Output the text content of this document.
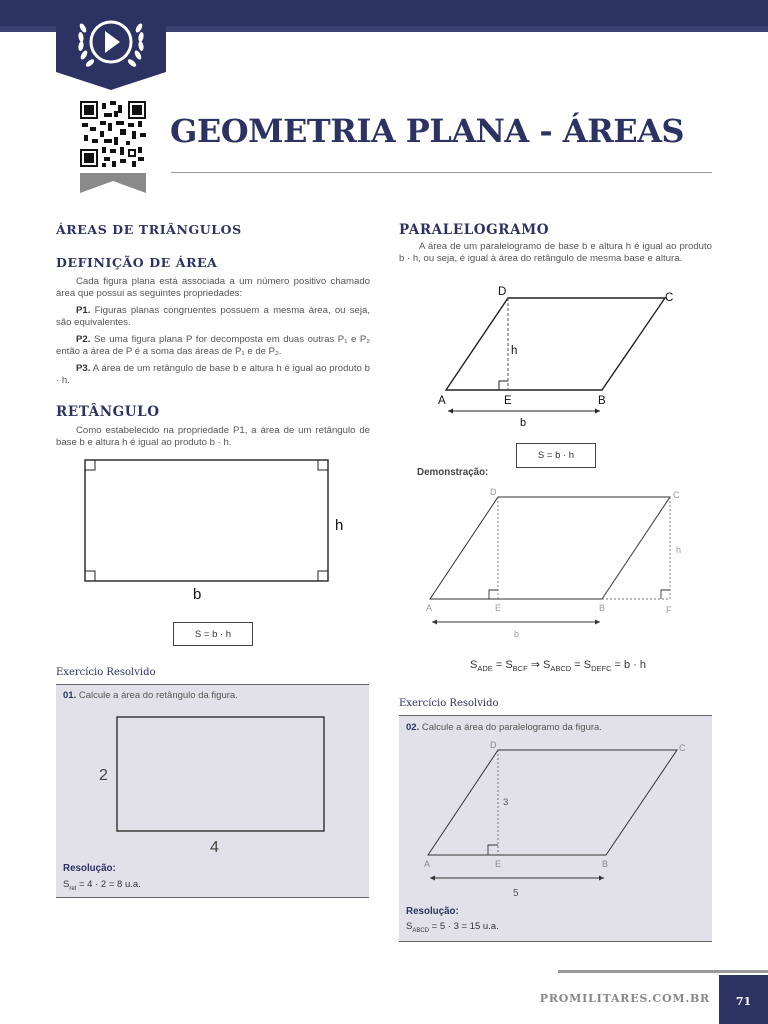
GEOMETRIA PLANA - ÁREAS
ÁREAS DE TRIÂNGULOS
DEFINIÇÃO DE ÁREA
Cada figura plana está associada a um número positivo chamado área que possui as seguintes propriedades:
P1. Figuras planas congruentes possuem a mesma área, ou seja, são equivalentes.
P2. Se uma figura plana P for decomposta em duas outras P₁ e P₂ então a área de P é a soma das áreas de P₁ e de P₂.
P3. A área de um retângulo de base b e altura h é igual ao produto b · h.
RETÂNGULO
Como estabelecido na propriedade P1, a área de um retângulo de base b e altura h é igual ao produto b · h.
h
b
S = b · h
Exercício Resolvido
01. Calcule a área do retângulo da figura.
2
4
Resolução:
$S_{ret} = 4 \cdot 2 = 8$ u.a.
PARALELOGRAMO
A área de um paralelogramo de base b e altura h é igual ao produto b · h, ou seja, é igual à área do retângulo de mesma base e altura.
D	C
A	E	B
h
b
S = b · h
Demonstração:
D	C
A	E	B	F
h
b
$S_{ADE} = S_{BCF}$ ⇒ $S_{ABCD} = S_{DEFC} = b \cdot h$
Exercício Resolvido
02. Calcule a área do paralelogramo da figura.
D	C
A	E	B
3
5
Resolução:
$S_{ABCD} = 5 \cdot 3 = 15$ u.a.
PROMILITARES.COM.BR	71
